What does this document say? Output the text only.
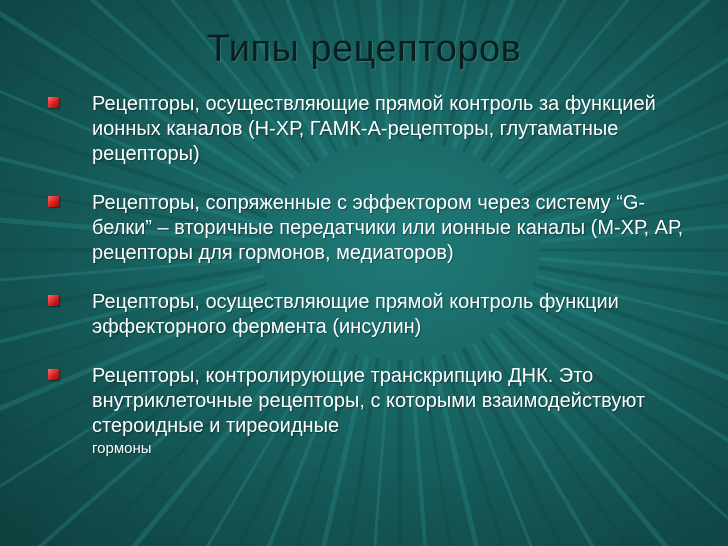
Типы рецепторов
Рецепторы, осуществляющие прямой контроль за функцией ионных каналов (Н-ХР, ГАМК-А-рецепторы, глутаматные рецепторы)
Рецепторы, сопряженные с эффектором через систему “G-белки” – вторичные передатчики или ионные каналы (М-ХР, АР, рецепторы для гормонов, медиаторов)
Рецепторы, осуществляющие прямой контроль функции эффекторного фермента (инсулин)
Рецепторы, контролирующие транскрипцию ДНК. Это внутриклеточные рецепторы, с которыми взаимодействуют стероидные и тиреоидные
гормоны
